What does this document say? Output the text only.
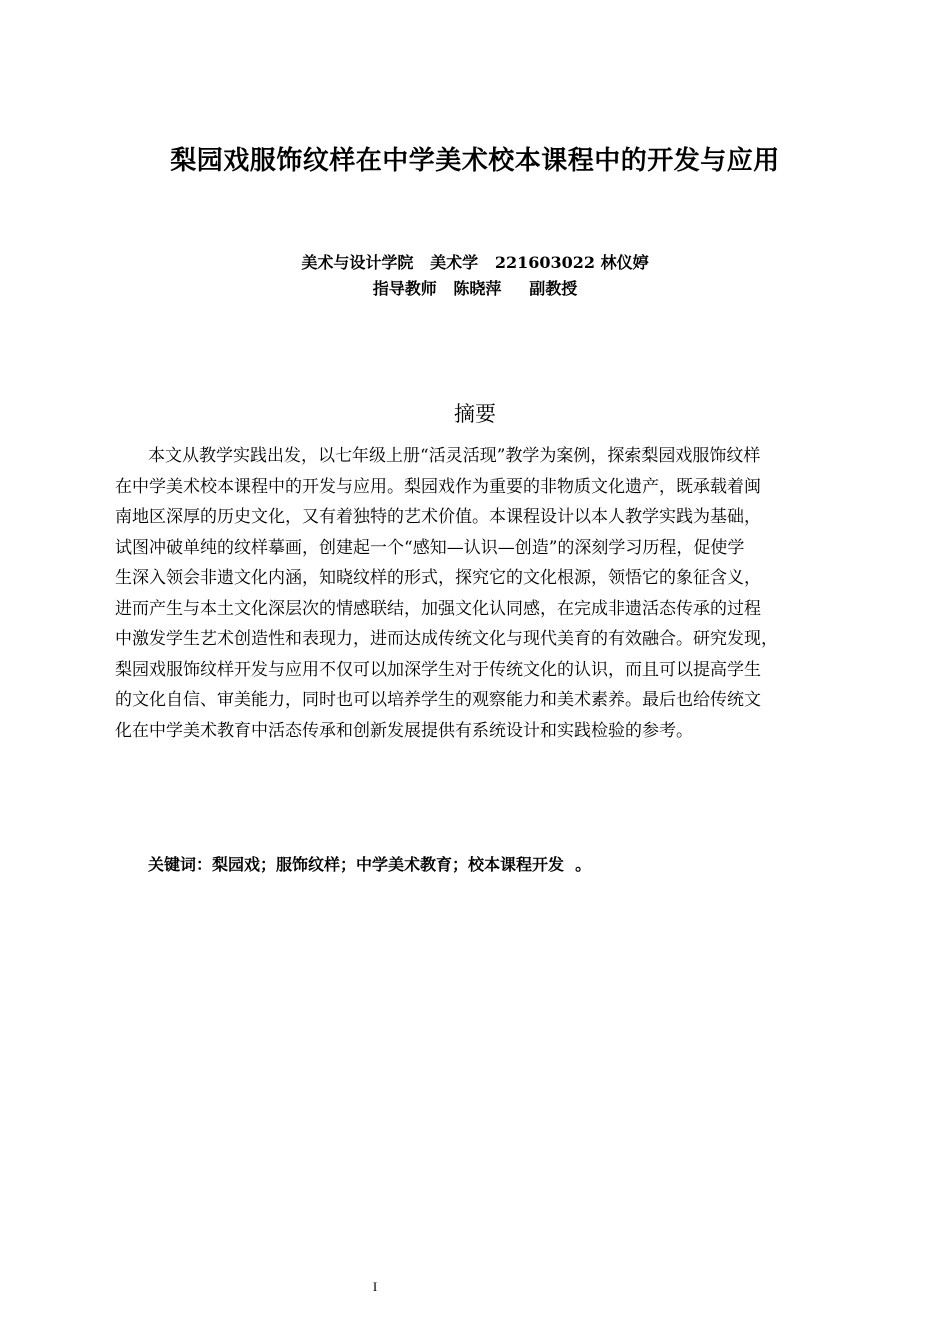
梨园戏服饰纹样在中学美术校本课程中的开发与应用
美术与设计学院   美术学   221603022 林仪婷
指导教师   陈晓萍     副教授
摘要
本文从教学实践出发，以七年级上册“活灵活现”教学为案例，探索梨园戏服饰纹样
在中学美术校本课程中的开发与应用。梨园戏作为重要的非物质文化遗产，既承载着闽
南地区深厚的历史文化，又有着独特的艺术价值。本课程设计以本人教学实践为基础，
试图冲破单纯的纹样摹画，创建起一个“感知—认识—创造”的深刻学习历程，促使学
生深入领会非遗文化内涵，知晓纹样的形式，探究它的文化根源，领悟它的象征含义，
进而产生与本土文化深层次的情感联结，加强文化认同感，在完成非遗活态传承的过程
中激发学生艺术创造性和表现力，进而达成传统文化与现代美育的有效融合。研究发现，
梨园戏服饰纹样开发与应用不仅可以加深学生对于传统文化的认识，而且可以提高学生
的文化自信、审美能力，同时也可以培养学生的观察能力和美术素养。最后也给传统文
化在中学美术教育中活态传承和创新发展提供有系统设计和实践检验的参考。
关键词：梨园戏；服饰纹样；中学美术教育；校本课程开发  。
I
